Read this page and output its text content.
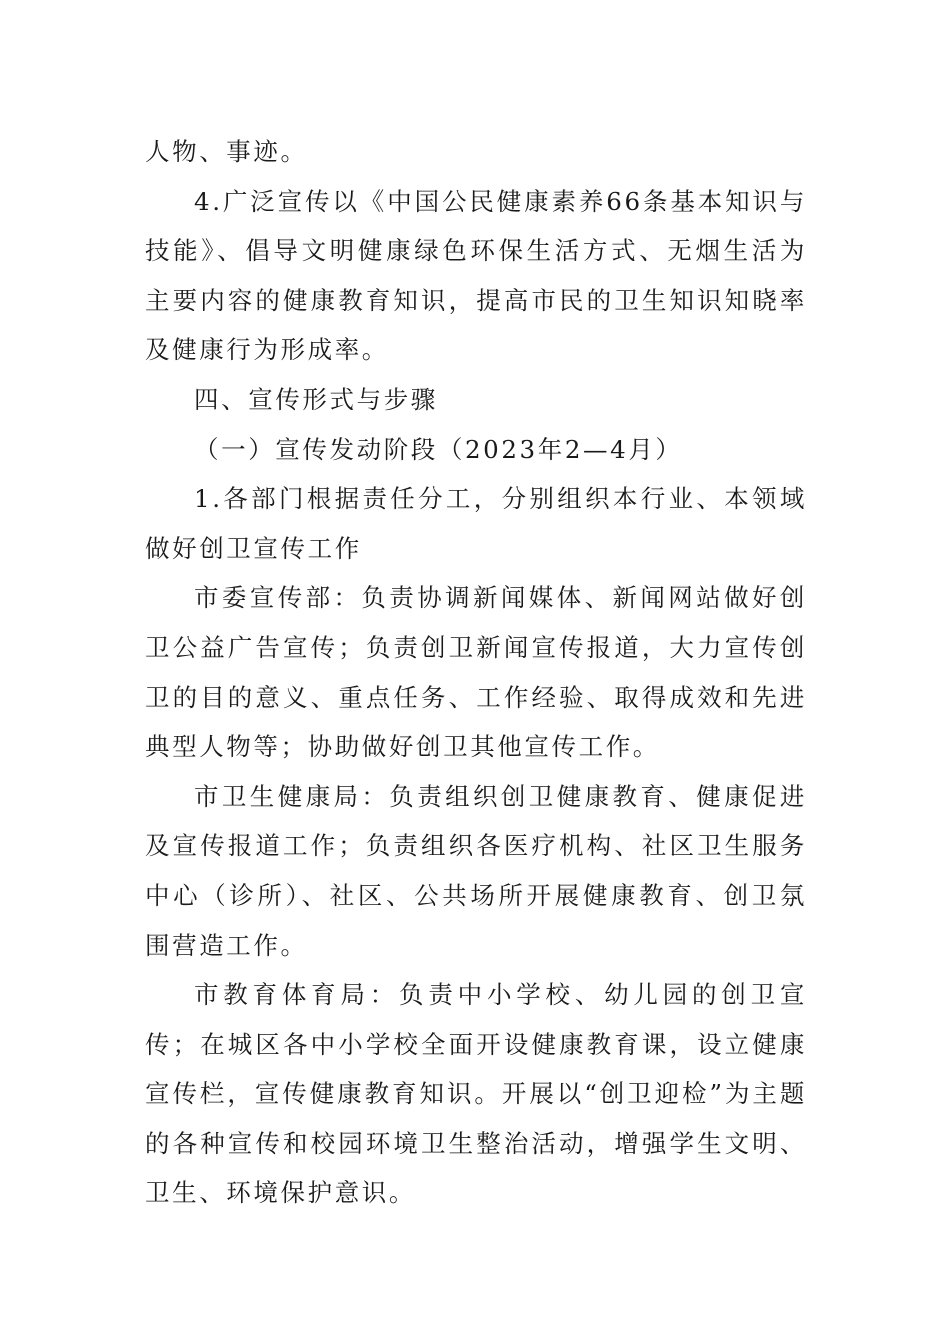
人物、事迹。

4.广泛宣传以《中国公民健康素养66条基本知识与技能》、倡导文明健康绿色环保生活方式、无烟生活为主要内容的健康教育知识，提高市民的卫生知识知晓率及健康行为形成率。

四、宣传形式与步骤

（一）宣传发动阶段（2023年2—4月）

1.各部门根据责任分工，分别组织本行业、本领域做好创卫宣传工作

市委宣传部：负责协调新闻媒体、新闻网站做好创卫公益广告宣传；负责创卫新闻宣传报道，大力宣传创卫的目的意义、重点任务、工作经验、取得成效和先进典型人物等；协助做好创卫其他宣传工作。

市卫生健康局：负责组织创卫健康教育、健康促进及宣传报道工作；负责组织各医疗机构、社区卫生服务中心（诊所）、社区、公共场所开展健康教育、创卫氛围营造工作。

市教育体育局：负责中小学校、幼儿园的创卫宣传；在城区各中小学校全面开设健康教育课，设立健康宣传栏，宣传健康教育知识。开展以“创卫迎检”为主题的各种宣传和校园环境卫生整治活动，增强学生文明、卫生、环境保护意识。
